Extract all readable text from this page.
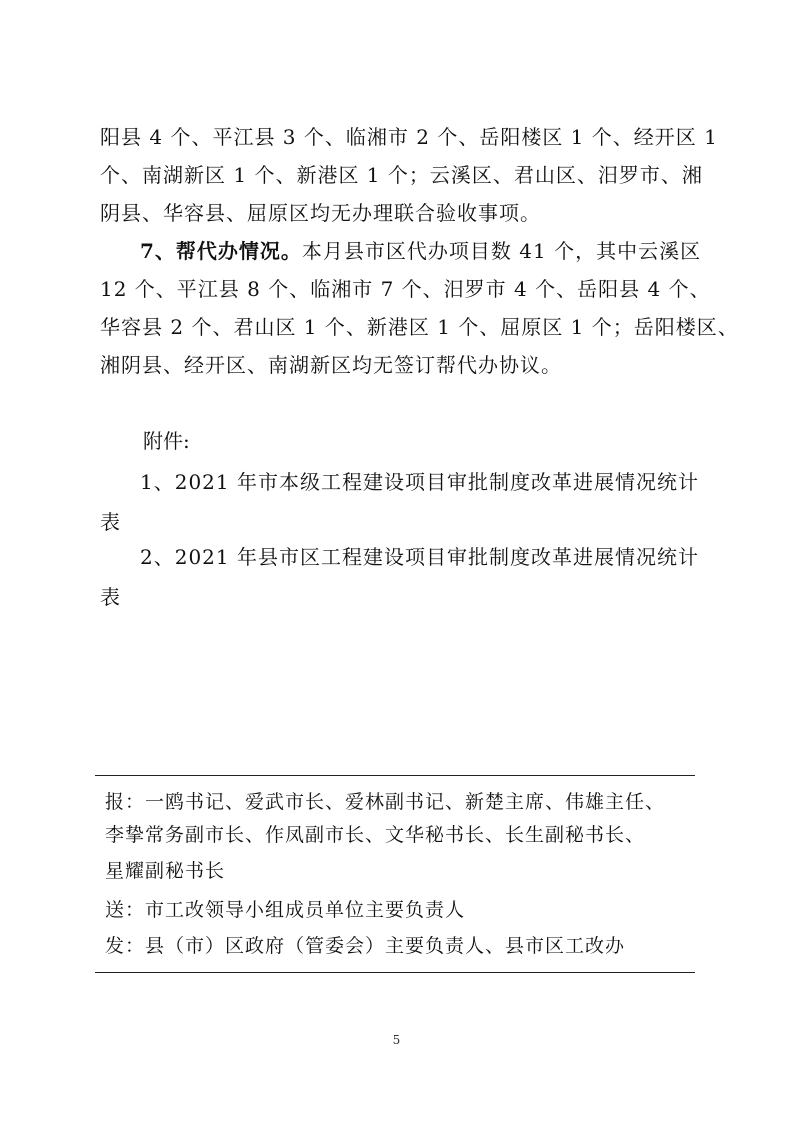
阳县 4 个、平江县 3 个、临湘市 2 个、岳阳楼区 1 个、经开区 1
个、南湖新区 1 个、新港区 1 个；云溪区、君山区、汨罗市、湘
阴县、华容县、屈原区均无办理联合验收事项。
7、帮代办情况。本月县市区代办项目数 41 个，其中云溪区
12 个、平江县 8 个、临湘市 7 个、汨罗市 4 个、岳阳县 4 个、
华容县 2 个、君山区 1 个、新港区 1 个、屈原区 1 个；岳阳楼区、
湘阴县、经开区、南湖新区均无签订帮代办协议。
附件:
1、2021 年市本级工程建设项目审批制度改革进展情况统计
表
2、2021 年县市区工程建设项目审批制度改革进展情况统计
表
报：一鸥书记、爱武市长、爱林副书记、新楚主席、伟雄主任、
李挚常务副市长、作凤副市长、文华秘书长、长生副秘书长、
星耀副秘书长
送：市工改领导小组成员单位主要负责人
发：县（市）区政府（管委会）主要负责人、县市区工改办
5
